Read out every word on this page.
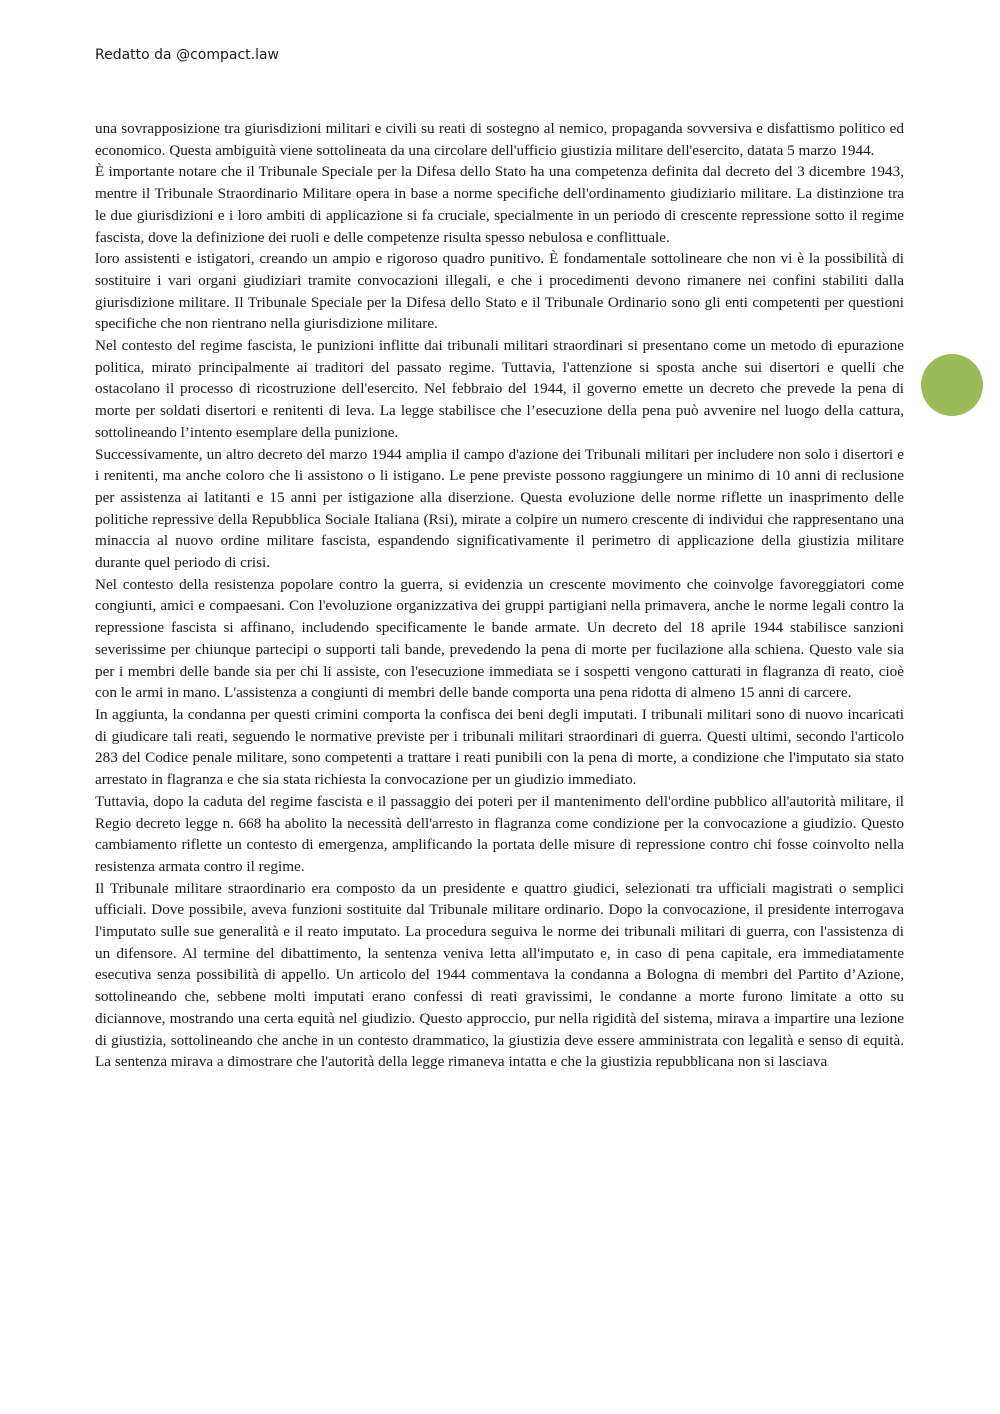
Redatto da @compact.law

una sovrapposizione tra giurisdizioni militari e civili su reati di sostegno al nemico, propaganda sovversiva e disfattismo politico ed economico. Questa ambiguità viene sottolineata da una circolare dell'ufficio giustizia militare dell'esercito, datata 5 marzo 1944.

È importante notare che il Tribunale Speciale per la Difesa dello Stato ha una competenza definita dal decreto del 3 dicembre 1943, mentre il Tribunale Straordinario Militare opera in base a norme specifiche dell'ordinamento giudiziario militare. La distinzione tra le due giurisdizioni e i loro ambiti di applicazione si fa cruciale, specialmente in un periodo di crescente repressione sotto il regime fascista, dove la definizione dei ruoli e delle competenze risulta spesso nebulosa e conflittuale.

loro assistenti e istigatori, creando un ampio e rigoroso quadro punitivo. È fondamentale sottolineare che non vi è la possibilità di sostituire i vari organi giudiziari tramite convocazioni illegali, e che i procedimenti devono rimanere nei confini stabiliti dalla giurisdizione militare. Il Tribunale Speciale per la Difesa dello Stato e il Tribunale Ordinario sono gli enti competenti per questioni specifiche che non rientrano nella giurisdizione militare.

Nel contesto del regime fascista, le punizioni inflitte dai tribunali militari straordinari si presentano come un metodo di epurazione politica, mirato principalmente ai traditori del passato regime. Tuttavia, l'attenzione si sposta anche sui disertori e quelli che ostacolano il processo di ricostruzione dell'esercito. Nel febbraio del 1944, il governo emette un decreto che prevede la pena di morte per soldati disertori e renitenti di leva. La legge stabilisce che l’esecuzione della pena può avvenire nel luogo della cattura, sottolineando l’intento esemplare della punizione.

Successivamente, un altro decreto del marzo 1944 amplia il campo d'azione dei Tribunali militari per includere non solo i disertori e i renitenti, ma anche coloro che li assistono o li istigano. Le pene previste possono raggiungere un minimo di 10 anni di reclusione per assistenza ai latitanti e 15 anni per istigazione alla diserzione. Questa evoluzione delle norme riflette un inasprimento delle politiche repressive della Repubblica Sociale Italiana (Rsi), mirate a colpire un numero crescente di individui che rappresentano una minaccia al nuovo ordine militare fascista, espandendo significativamente il perimetro di applicazione della giustizia militare durante quel periodo di crisi.

Nel contesto della resistenza popolare contro la guerra, si evidenzia un crescente movimento che coinvolge favoreggiatori come congiunti, amici e compaesani. Con l'evoluzione organizzativa dei gruppi partigiani nella primavera, anche le norme legali contro la repressione fascista si affinano, includendo specificamente le bande armate. Un decreto del 18 aprile 1944 stabilisce sanzioni severissime per chiunque partecipi o supporti tali bande, prevedendo la pena di morte per fucilazione alla schiena. Questo vale sia per i membri delle bande sia per chi li assiste, con l'esecuzione immediata se i sospetti vengono catturati in flagranza di reato, cioè con le armi in mano. L'assistenza a congiunti di membri delle bande comporta una pena ridotta di almeno 15 anni di carcere.

In aggiunta, la condanna per questi crimini comporta la confisca dei beni degli imputati. I tribunali militari sono di nuovo incaricati di giudicare tali reati, seguendo le normative previste per i tribunali militari straordinari di guerra. Questi ultimi, secondo l'articolo 283 del Codice penale militare, sono competenti a trattare i reati punibili con la pena di morte, a condizione che l'imputato sia stato arrestato in flagranza e che sia stata richiesta la convocazione per un giudizio immediato.

Tuttavia, dopo la caduta del regime fascista e il passaggio dei poteri per il mantenimento dell'ordine pubblico all'autorità militare, il Regio decreto legge n. 668 ha abolito la necessità dell'arresto in flagranza come condizione per la convocazione a giudizio. Questo cambiamento riflette un contesto di emergenza, amplificando la portata delle misure di repressione contro chi fosse coinvolto nella resistenza armata contro il regime.

Il Tribunale militare straordinario era composto da un presidente e quattro giudici, selezionati tra ufficiali magistrati o semplici ufficiali. Dove possibile, aveva funzioni sostituite dal Tribunale militare ordinario. Dopo la convocazione, il presidente interrogava l'imputato sulle sue generalità e il reato imputato. La procedura seguiva le norme dei tribunali militari di guerra, con l'assistenza di un difensore. Al termine del dibattimento, la sentenza veniva letta all'imputato e, in caso di pena capitale, era immediatamente esecutiva senza possibilità di appello. Un articolo del 1944 commentava la condanna a Bologna di membri del Partito d’Azione, sottolineando che, sebbene molti imputati erano confessi di reati gravissimi, le condanne a morte furono limitate a otto su diciannove, mostrando una certa equità nel giudizio. Questo approccio, pur nella rigidità del sistema, mirava a impartire una lezione di giustizia, sottolineando che anche in un contesto drammatico, la giustizia deve essere amministrata con legalità e senso di equità. La sentenza mirava a dimostrare che l'autorità della legge rimaneva intatta e che la giustizia repubblicana non si lasciava
